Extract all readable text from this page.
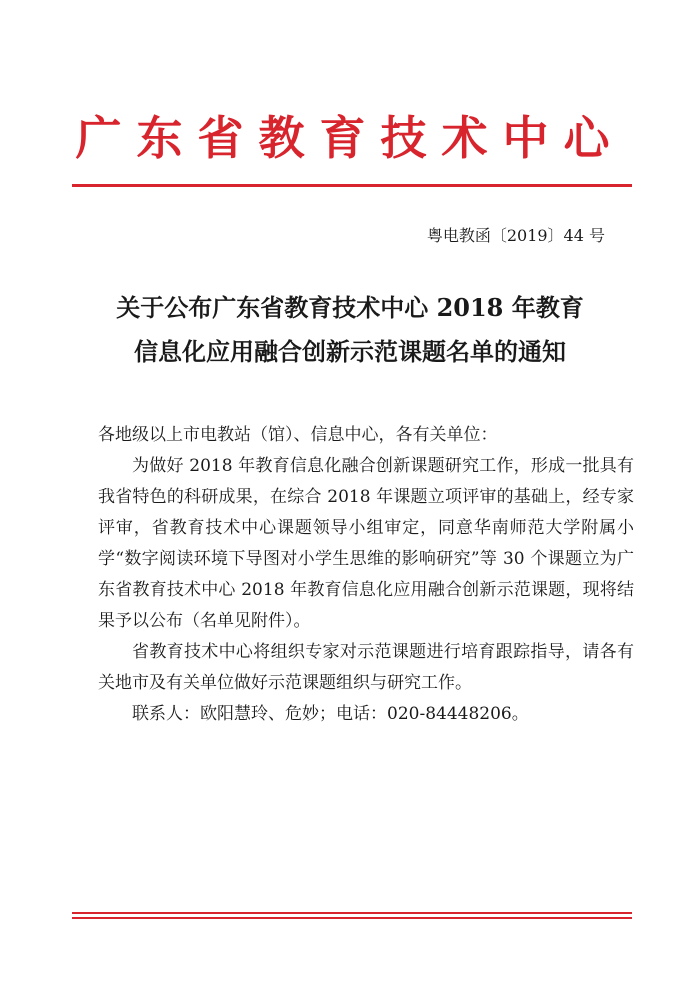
广东省教育技术中心
粤电教函〔2019〕44 号
关于公布广东省教育技术中心 2018 年教育
信息化应用融合创新示范课题名单的通知

各地级以上市电教站（馆）、信息中心，各有关单位：

为做好 2018 年教育信息化融合创新课题研究工作，形成一批具有我省特色的科研成果，在综合 2018 年课题立项评审的基础上，经专家评审，省教育技术中心课题领导小组审定，同意华南师范大学附属小学“数字阅读环境下导图对小学生思维的影响研究”等 30 个课题立为广东省教育技术中心 2018 年教育信息化应用融合创新示范课题，现将结果予以公布（名单见附件）。

省教育技术中心将组织专家对示范课题进行培育跟踪指导，请各有关地市及有关单位做好示范课题组织与研究工作。

联系人：欧阳慧玲、危妙；电话：020-84448206。
